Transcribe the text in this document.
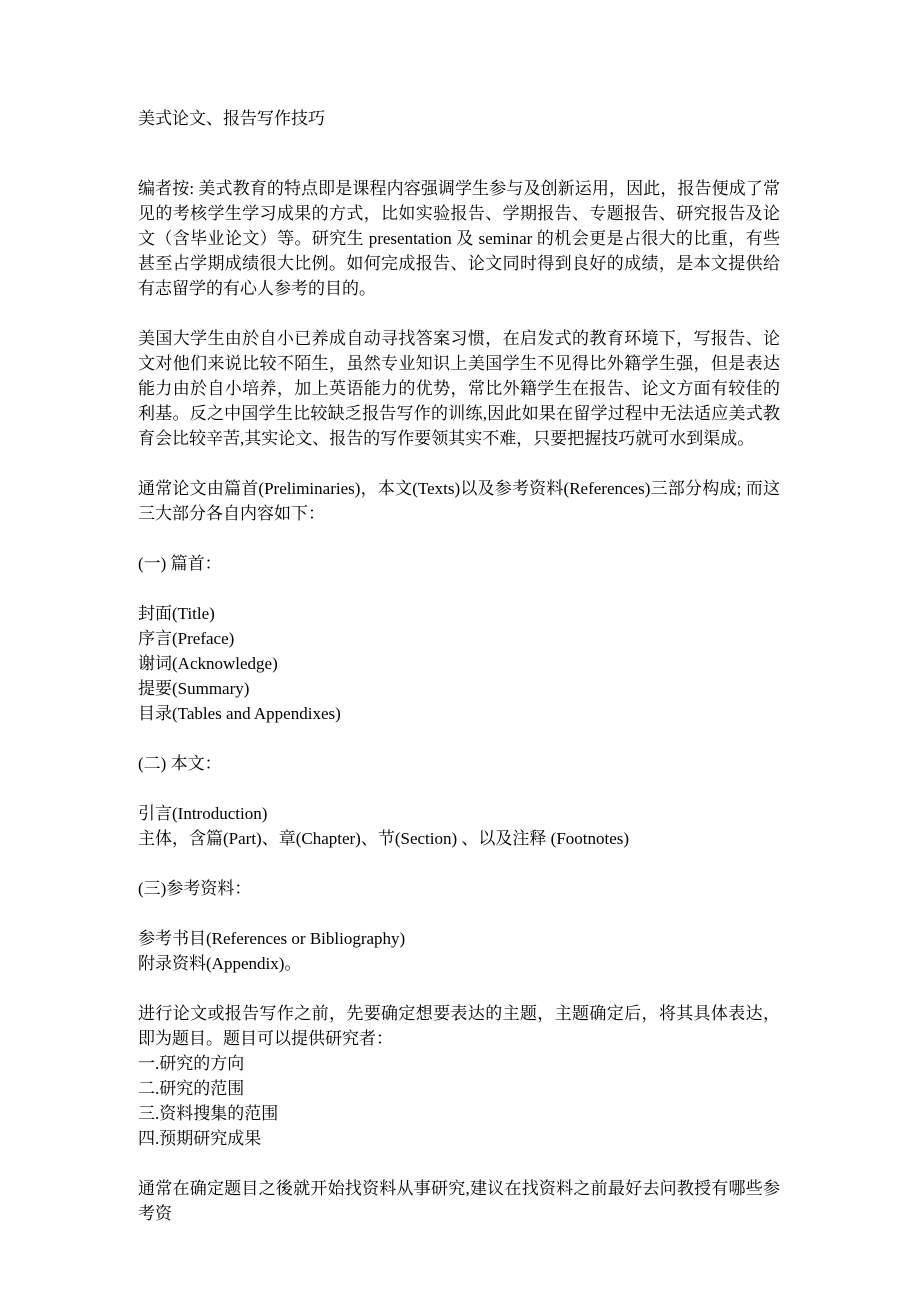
美式论文、报告写作技巧

编者按: 美式教育的特点即是课程内容强调学生参与及创新运用，因此，报告便成了常见的考核学生学习成果的方式，比如实验报告、学期报告、专题报告、研究报告及论文（含毕业论文）等。研究生 presentation 及 seminar 的机会更是占很大的比重，有些甚至占学期成绩很大比例。如何完成报告、论文同时得到良好的成绩，是本文提供给有志留学的有心人参考的目的。

美国大学生由於自小已养成自动寻找答案习惯，在启发式的教育环境下，写报告、论文对他们来说比较不陌生，虽然专业知识上美国学生不见得比外籍学生强，但是表达能力由於自小培养，加上英语能力的优势，常比外籍学生在报告、论文方面有较佳的利基。反之中国学生比较缺乏报告写作的训练,因此如果在留学过程中无法适应美式教育会比较辛苦,其实论文、报告的写作要领其实不难，只要把握技巧就可水到渠成。

通常论文由篇首(Preliminaries)，本文(Texts)以及参考资料(References)三部分构成; 而这三大部分各自内容如下：

(一) 篇首：
封面(Title)
序言(Preface)
谢词(Acknowledge)
提要(Summary)
目录(Tables and Appendixes)
(二) 本文：
引言(Introduction)
主体，含篇(Part)、章(Chapter)、节(Section) 、以及注释 (Footnotes)
(三)参考资料：
参考书目(References or Bibliography)
附录资料(Appendix)。
进行论文或报告写作之前，先要确定想要表达的主题，主题确定后，将其具体表达，即为题目。题目可以提供研究者：
一.研究的方向
二.研究的范围
三.资料搜集的范围
四.预期研究成果

通常在确定题目之後就开始找资料从事研究,建议在找资料之前最好去问教授有哪些参考资
